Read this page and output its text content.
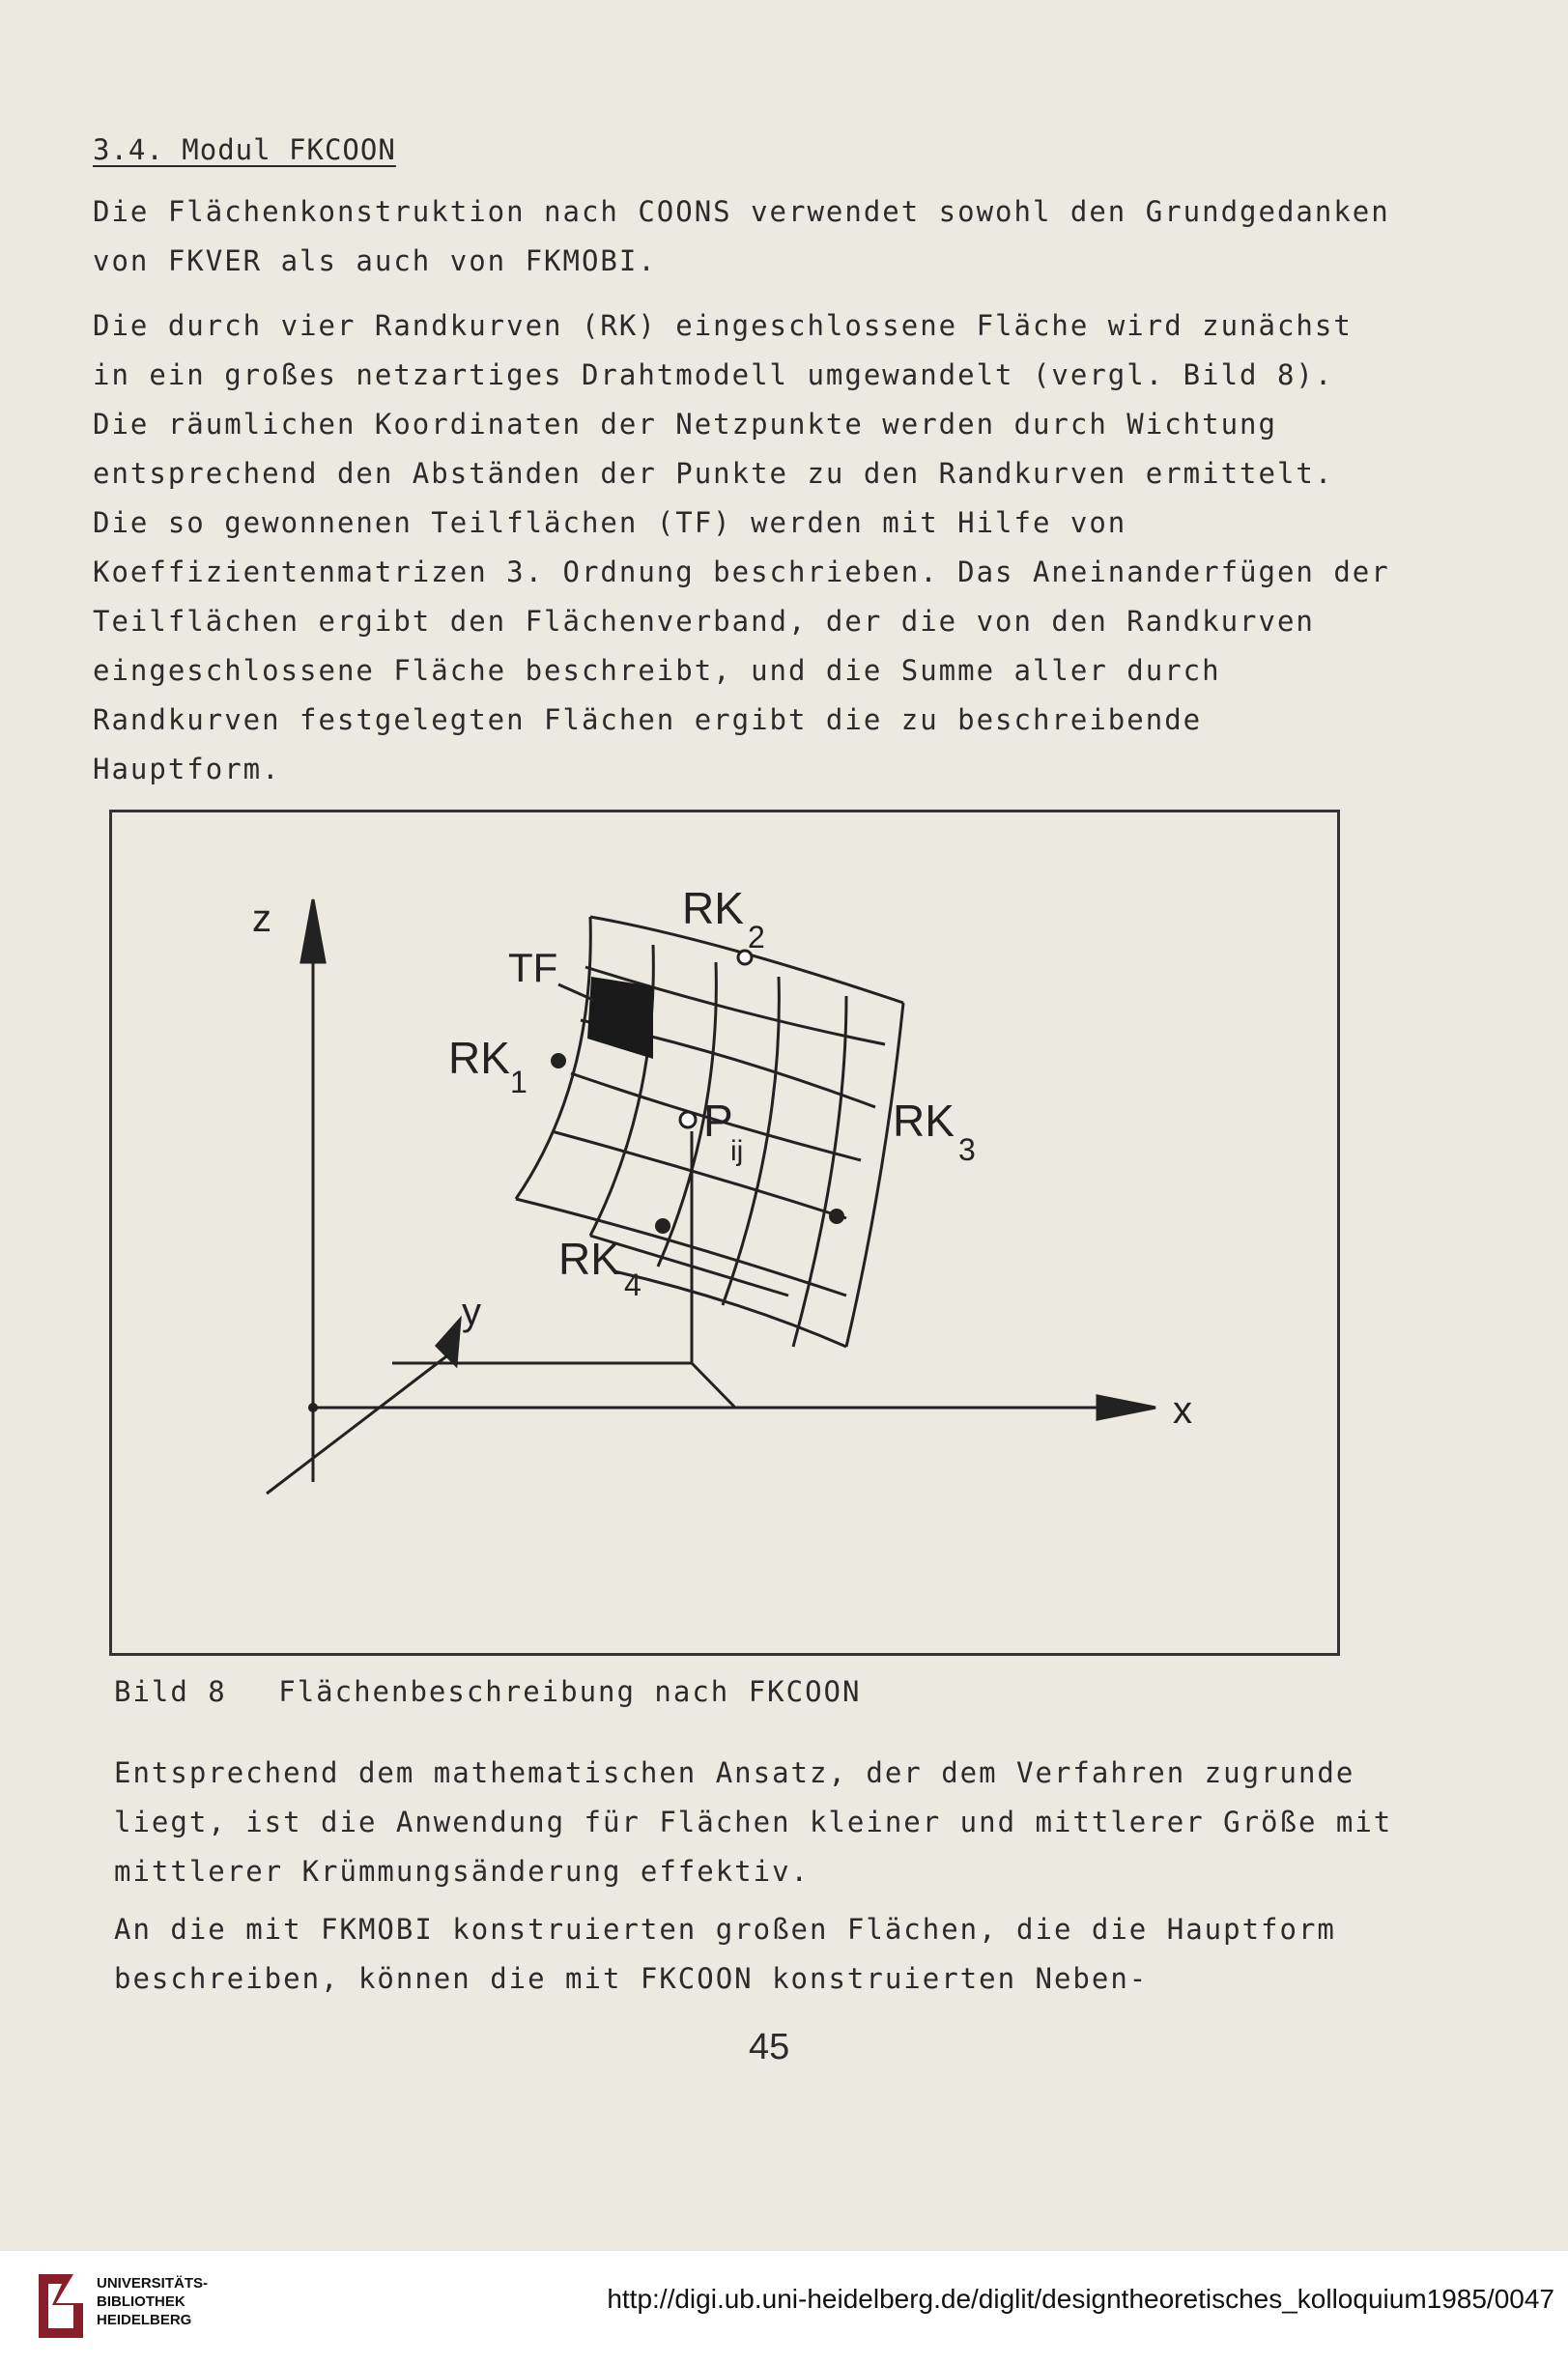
3.4. Modul FKCOON

Die Flächenkonstruktion nach COONS verwendet sowohl den Grundgedanken von FKVER als auch von FKMOBI.

Die durch vier Randkurven (RK) eingeschlossene Fläche wird zunächst in ein großes netzartiges Drahtmodell umgewandelt (vergl. Bild 8). Die räumlichen Koordinaten der Netzpunkte werden durch Wichtung entsprechend den Abständen der Punkte zu den Randkurven ermittelt. Die so gewonnenen Teilflächen (TF) werden mit Hilfe von Koeffizientenmatrizen 3. Ordnung beschrieben. Das Aneinanderfügen der Teilflächen ergibt den Flächenverband, der die von den Randkurven eingeschlossene Fläche beschreibt, und die Summe aller durch Randkurven festgelegten Flächen ergibt die zu beschreibende Hauptform.

z
y
x
TF
RK 1
RK
2
RK
3
RK
4
P
ij
Bild 8 Flächenbeschreibung nach FKCOON

Entsprechend dem mathematischen Ansatz, der dem Verfahren zugrunde liegt, ist die Anwendung für Flächen kleiner und mittlerer Größe mit mittlerer Krümmungsänderung effektiv.

An die mit FKMOBI konstruierten großen Flächen, die die Hauptform beschreiben, können die mit FKCOON konstruierten Neben-

45
UNIVERSITÄTS-
BIBLIOTHEK
HEIDELBERG
http://digi.ub.uni-heidelberg.de/diglit/designtheoretisches_kolloquium1985/0047
